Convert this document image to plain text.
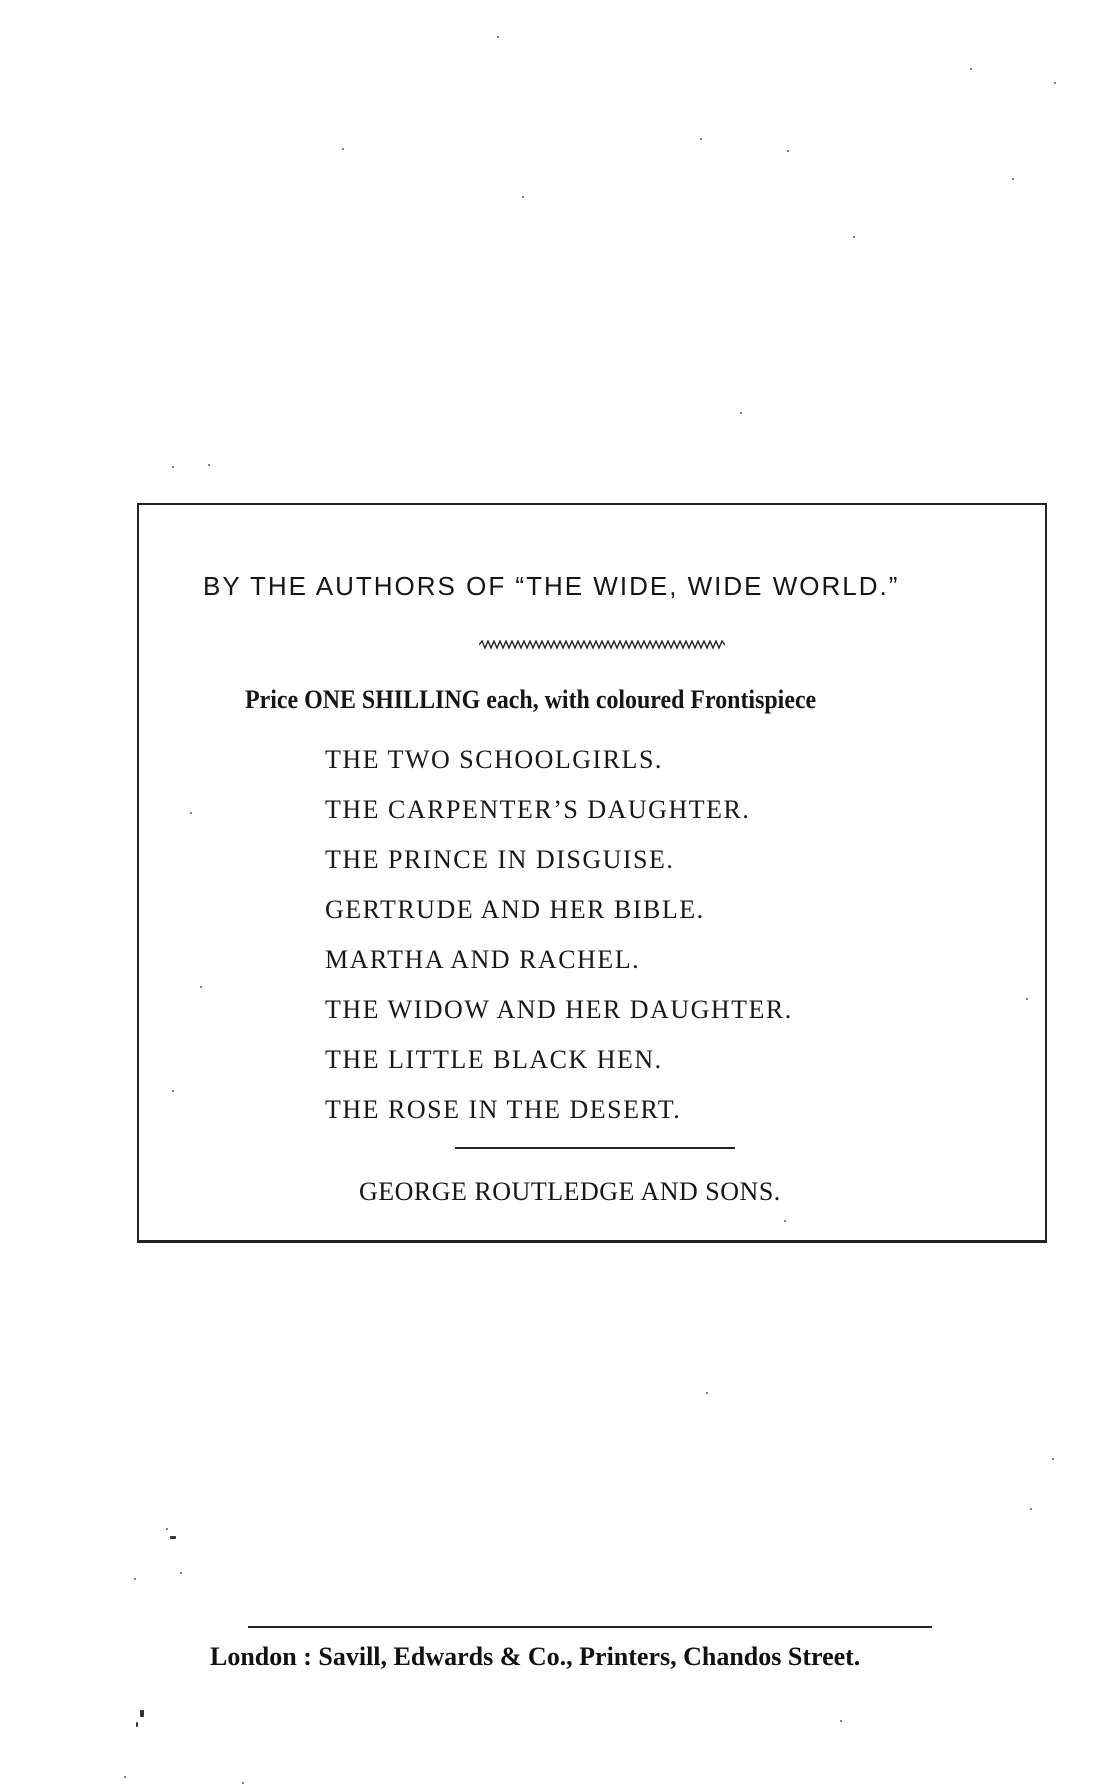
BY THE AUTHORS OF “THE WIDE, WIDE WORLD.”
Price ONE SHILLING each, with coloured Frontispiece
THE TWO SCHOOLGIRLS.
THE CARPENTER’S DAUGHTER.
THE PRINCE IN DISGUISE.
GERTRUDE AND HER BIBLE.
MARTHA AND RACHEL.
THE WIDOW AND HER DAUGHTER.
THE LITTLE BLACK HEN.
THE ROSE IN THE DESERT.
GEORGE ROUTLEDGE AND SONS.
London : Savill, Edwards & Co., Printers, Chandos Street.
